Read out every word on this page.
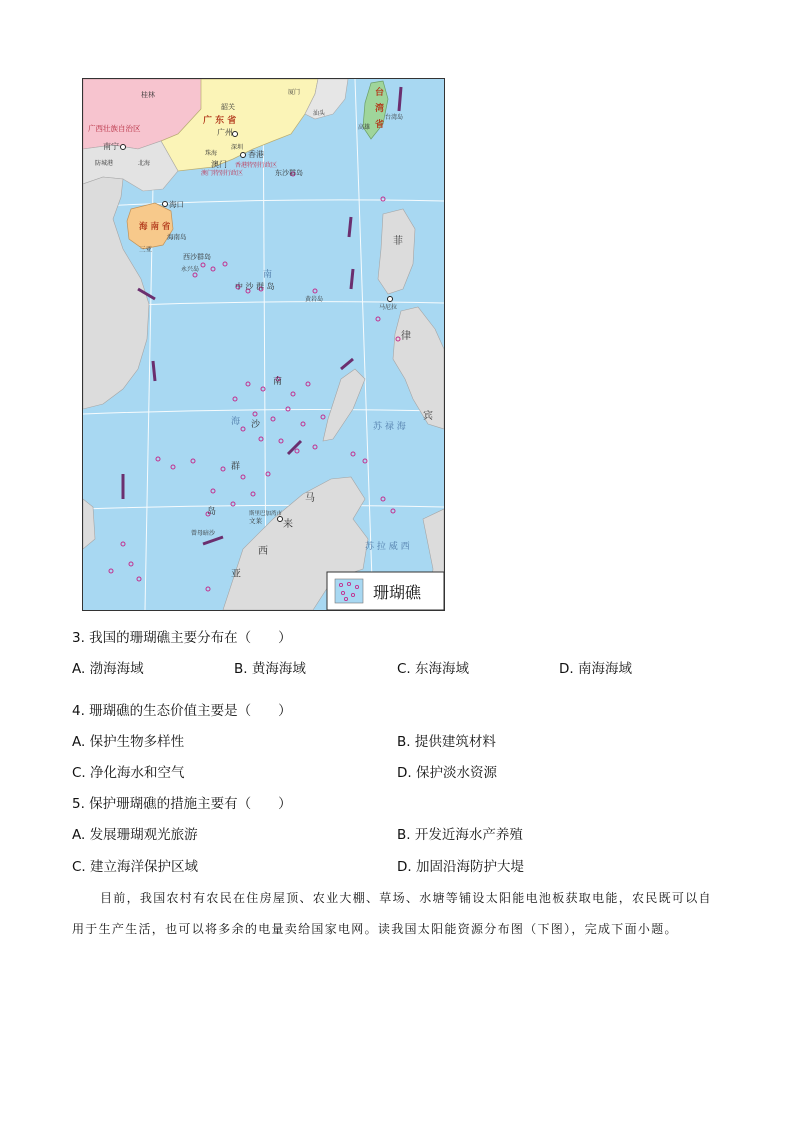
桂林
韶关
广西壮族自治区
广 东 省
广州
深圳
香港
珠海
澳门
澳门特别行政区
香港特别行政区
汕头
厦门
南宁
防城港	北海
海口
海 南 省
海南岛
三亚
西沙群岛
永兴岛
东沙群岛
南
中 沙 群 岛
黄岩岛
台
湾
省
台湾岛
高雄
菲
律
宾
马尼拉
南
沙
群
岛
海	苏 禄 海
苏 拉 威 西
马
来
西
亚
曾母暗沙
文莱
斯里巴加湾市
珊瑚礁
3. 我国的珊瑚礁主要分布在（　　）
A. 渤海海域	B. 黄海海域	C. 东海海域	D. 南海海域
4. 珊瑚礁的生态价值主要是（　　）
A. 保护生物多样性	B. 提供建筑材料
C. 净化海水和空气	D. 保护淡水资源
5. 保护珊瑚礁的措施主要有（　　）
A. 发展珊瑚观光旅游	B. 开发近海水产养殖
C. 建立海洋保护区域	D. 加固沿海防护大堤
目前，我国农村有农民在住房屋顶、农业大棚、草场、水塘等铺设太阳能电池板获取电能，农民既可以自用于生产生活，也可以将多余的电量卖给国家电网。读我国太阳能资源分布图（下图），完成下面小题。
